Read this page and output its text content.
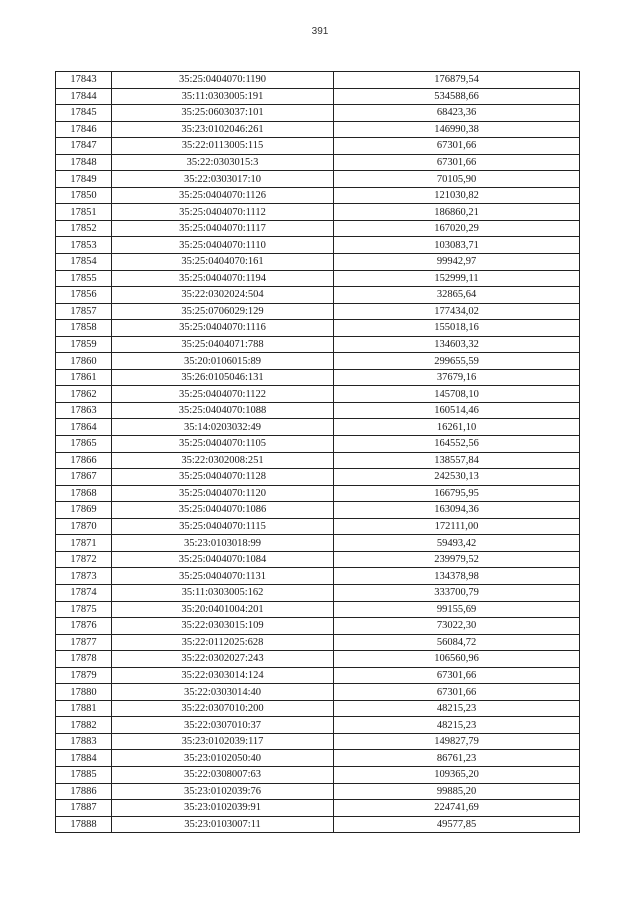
391
17843	35:25:0404070:1190	176879,54
17844	35:11:0303005:191	534588,66
17845	35:25:0603037:101	68423,36
17846	35:23:0102046:261	146990,38
17847	35:22:0113005:115	67301,66
17848	35:22:0303015:3	67301,66
17849	35:22:0303017:10	70105,90
17850	35:25:0404070:1126	121030,82
17851	35:25:0404070:1112	186860,21
17852	35:25:0404070:1117	167020,29
17853	35:25:0404070:1110	103083,71
17854	35:25:0404070:161	99942,97
17855	35:25:0404070:1194	152999,11
17856	35:22:0302024:504	32865,64
17857	35:25:0706029:129	177434,02
17858	35:25:0404070:1116	155018,16
17859	35:25:0404071:788	134603,32
17860	35:20:0106015:89	299655,59
17861	35:26:0105046:131	37679,16
17862	35:25:0404070:1122	145708,10
17863	35:25:0404070:1088	160514,46
17864	35:14:0203032:49	16261,10
17865	35:25:0404070:1105	164552,56
17866	35:22:0302008:251	138557,84
17867	35:25:0404070:1128	242530,13
17868	35:25:0404070:1120	166795,95
17869	35:25:0404070:1086	163094,36
17870	35:25:0404070:1115	172111,00
17871	35:23:0103018:99	59493,42
17872	35:25:0404070:1084	239979,52
17873	35:25:0404070:1131	134378,98
17874	35:11:0303005:162	333700,79
17875	35:20:0401004:201	99155,69
17876	35:22:0303015:109	73022,30
17877	35:22:0112025:628	56084,72
17878	35:22:0302027:243	106560,96
17879	35:22:0303014:124	67301,66
17880	35:22:0303014:40	67301,66
17881	35:22:0307010:200	48215,23
17882	35:22:0307010:37	48215,23
17883	35:23:0102039:117	149827,79
17884	35:23:0102050:40	86761,23
17885	35:22:0308007:63	109365,20
17886	35:23:0102039:76	99885,20
17887	35:23:0102039:91	224741,69
17888	35:23:0103007:11	49577,85
